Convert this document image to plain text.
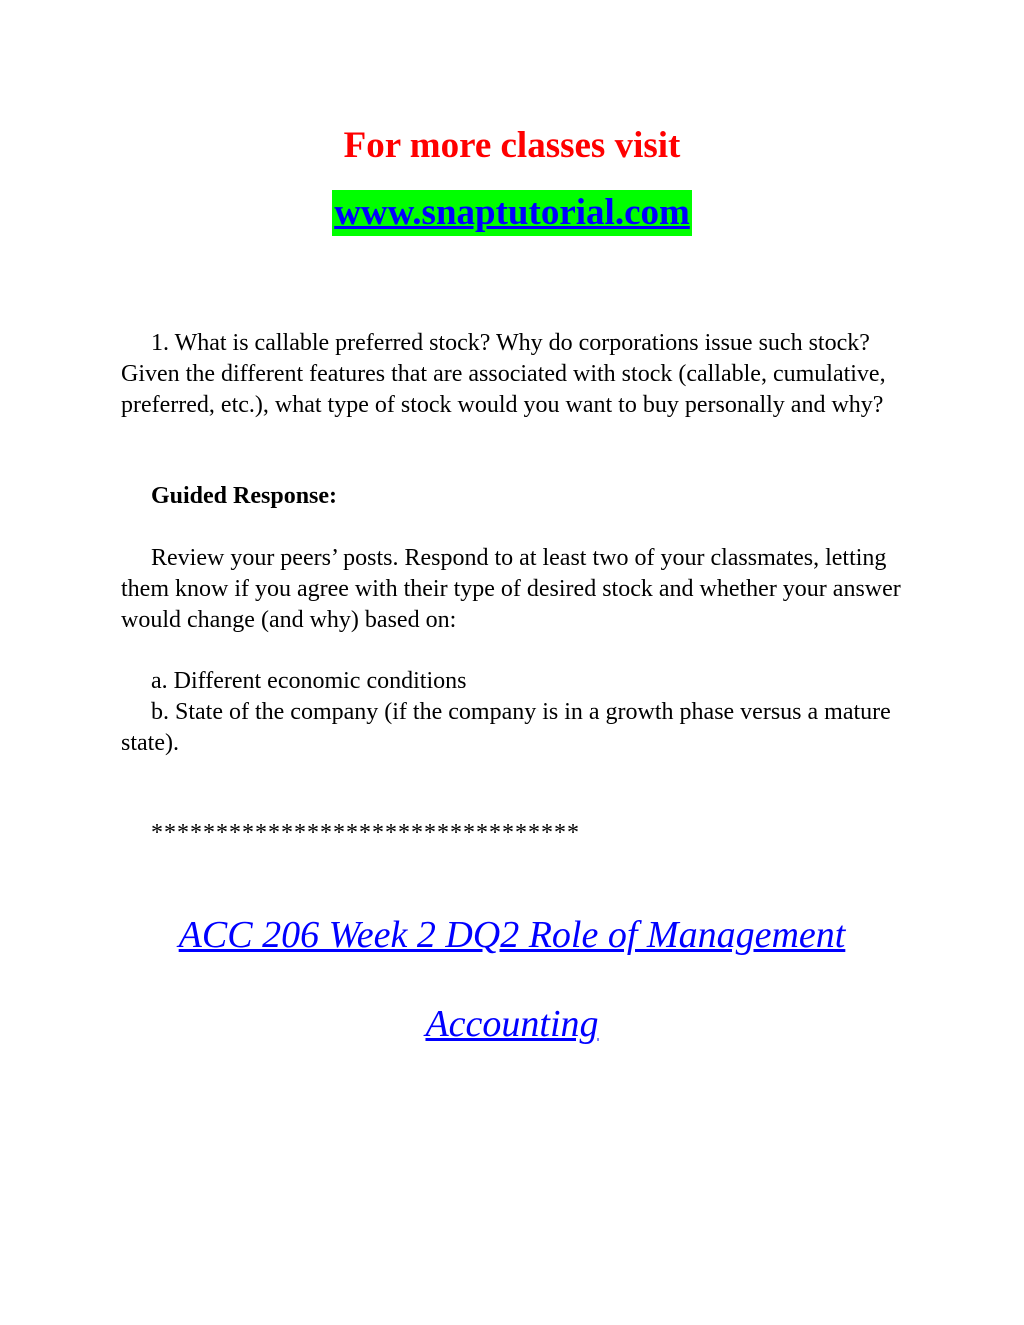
For more classes visit
www.snaptutorial.com

1. What is callable preferred stock? Why do corporations issue such stock? Given the different features that are associated with stock (callable, cumulative, preferred, etc.), what type of stock would you want to buy personally and why?

Guided Response:

Review your peers’ posts. Respond to at least two of your classmates, letting them know if you agree with their type of desired stock and whether your answer would change (and why) based on:

a. Different economic conditions

b. State of the company (if the company is in a growth phase versus a mature state).

*********************************

ACC 206 Week 2 DQ2 Role of Management
Accounting
